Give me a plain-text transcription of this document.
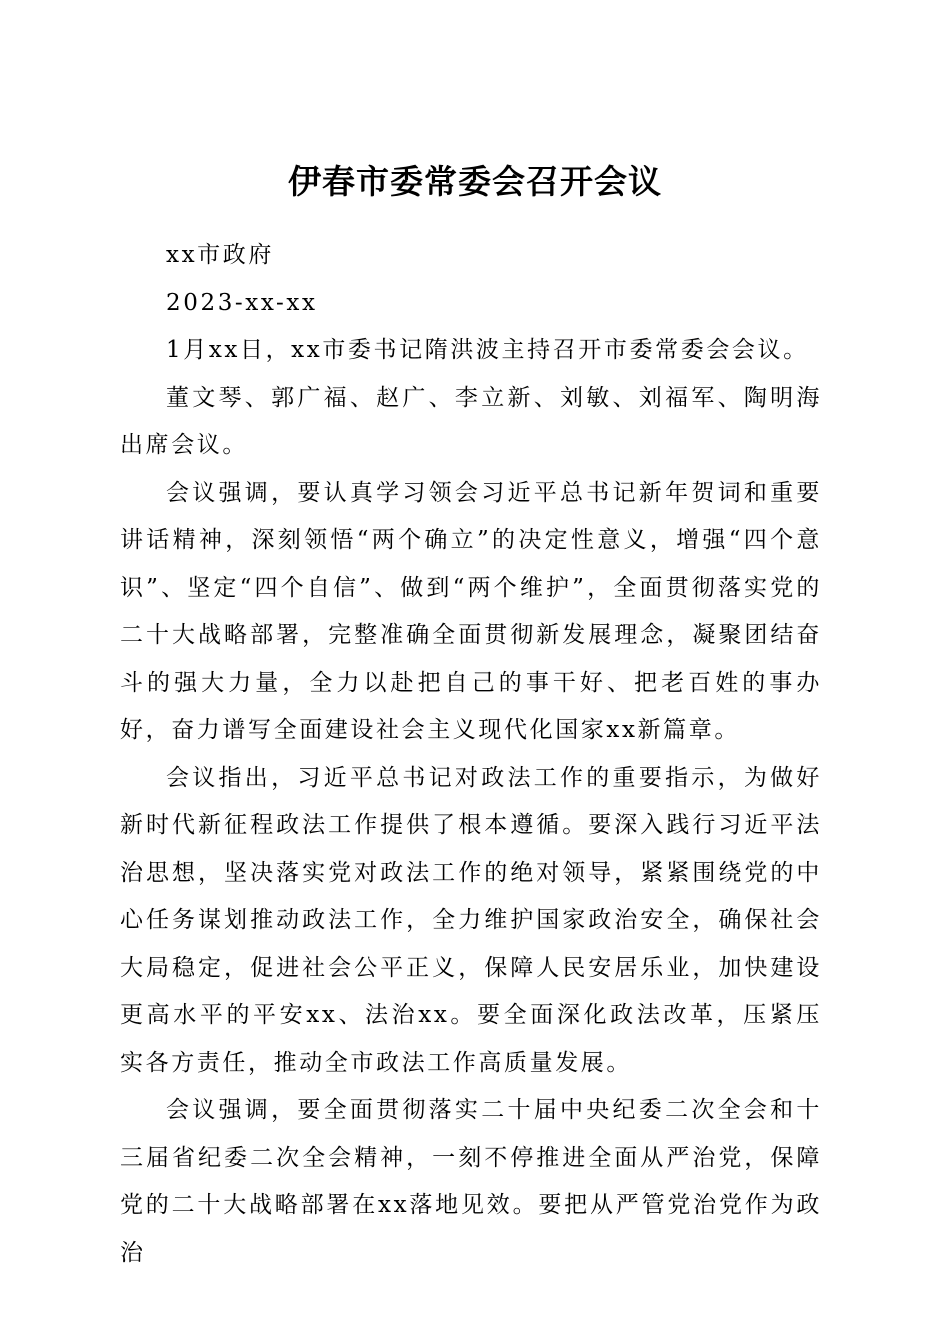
伊春市委常委会召开会议

xx市政府

2023-xx-xx

1月xx日，xx市委书记隋洪波主持召开市委常委会会议。

董文琴、郭广福、赵广、李立新、刘敏、刘福军、陶明海出席会议。

会议强调，要认真学习领会习近平总书记新年贺词和重要讲话精神，深刻领悟“两个确立”的决定性意义，增强“四个意识”、坚定“四个自信”、做到“两个维护”，全面贯彻落实党的二十大战略部署，完整准确全面贯彻新发展理念，凝聚团结奋斗的强大力量，全力以赴把自己的事干好、把老百姓的事办好，奋力谱写全面建设社会主义现代化国家xx新篇章。

会议指出，习近平总书记对政法工作的重要指示，为做好新时代新征程政法工作提供了根本遵循。要深入践行习近平法治思想，坚决落实党对政法工作的绝对领导，紧紧围绕党的中心任务谋划推动政法工作，全力维护国家政治安全，确保社会大局稳定，促进社会公平正义，保障人民安居乐业，加快建设更高水平的平安xx、法治xx。要全面深化政法改革，压紧压实各方责任，推动全市政法工作高质量发展。

会议强调，要全面贯彻落实二十届中央纪委二次全会和十三届省纪委二次全会精神，一刻不停推进全面从严治党，保障党的二十大战略部署在xx落地见效。要把从严管党治党作为政治
